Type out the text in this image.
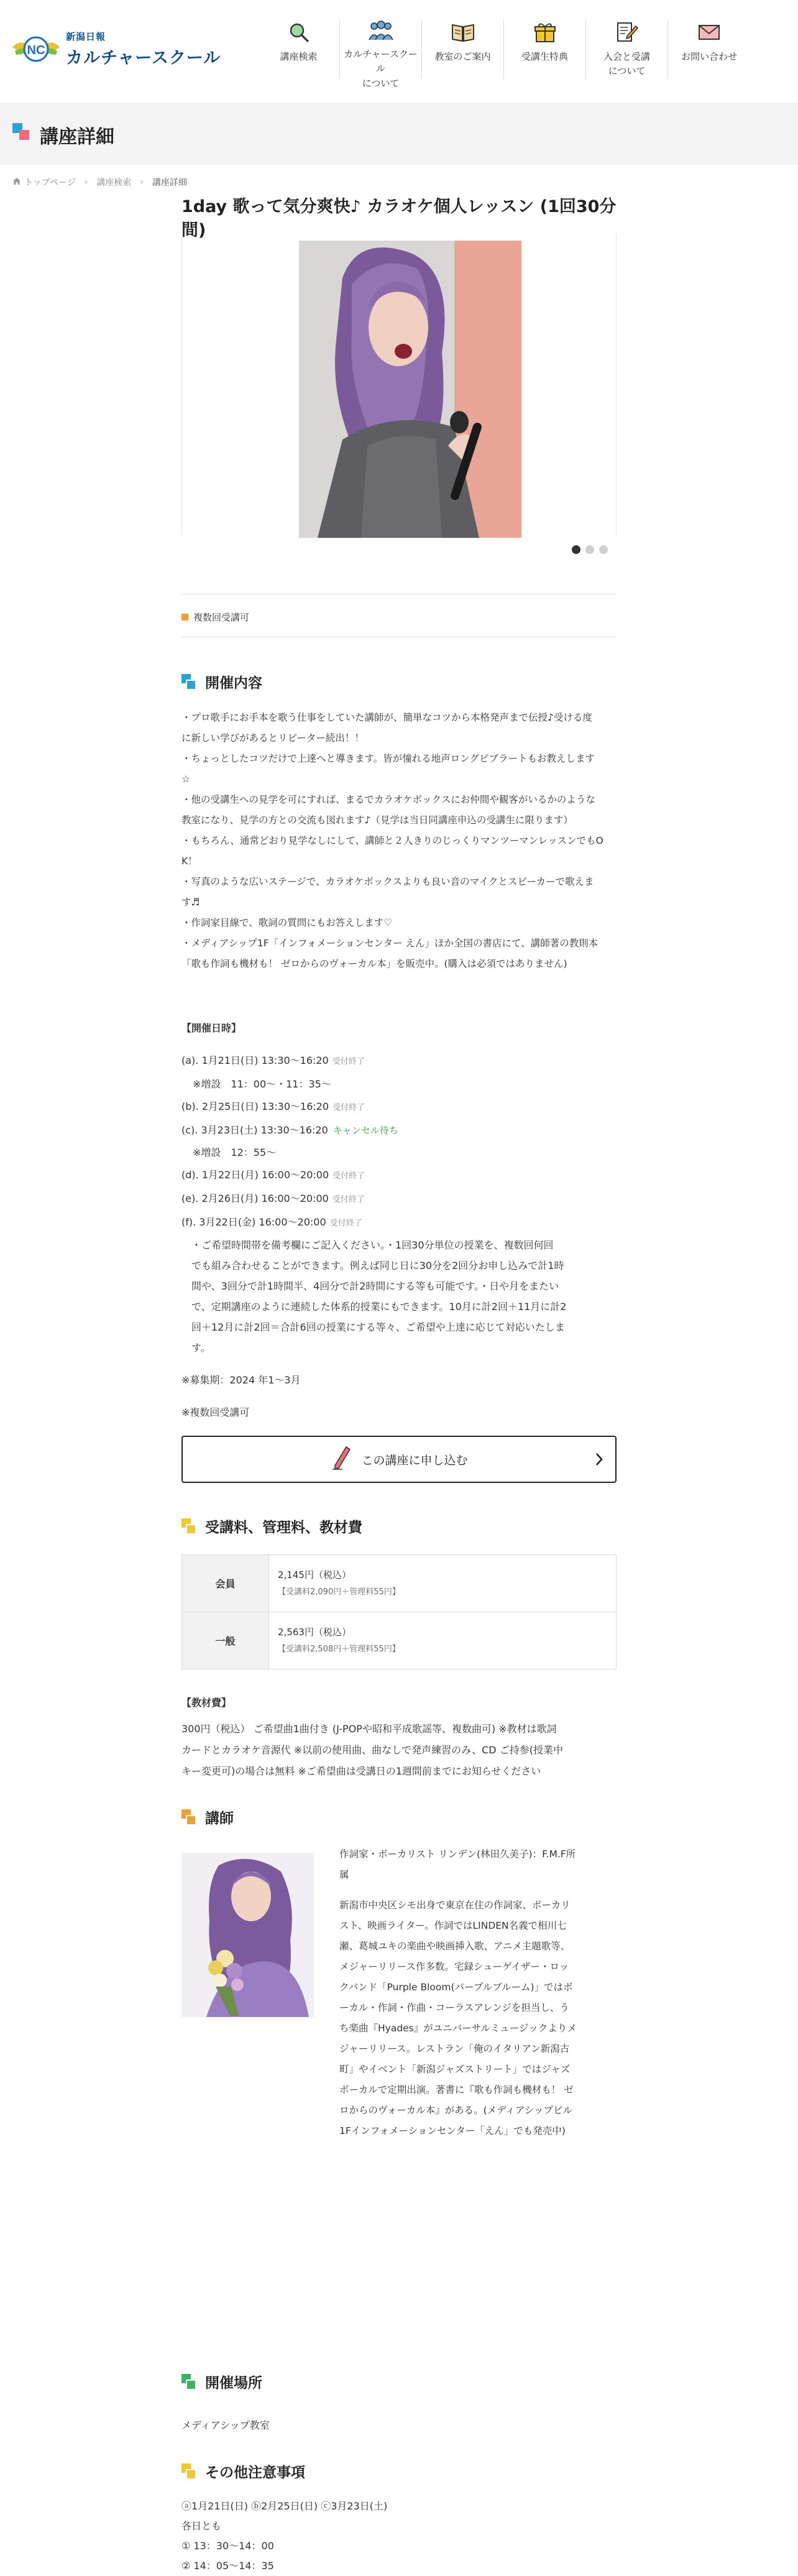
NC
新潟日報
カルチャースクール	講座検索	カルチャースクール
について
教室のご案内	受講生特典	入会と受講
について
お問い合わせ
講座詳細
トップページ › 講座検索 › 講座詳細
1day 歌って気分爽快♪ カラオケ個人レッスン (1回30分間)
複数回受講可
開催内容

・プロ歌手にお手本を歌う仕事をしていた講師が、簡単なコツから本格発声まで伝授♪受ける度

に新しい学びがあるとリピーター続出！！

・ちょっとしたコツだけで上達へと導きます。皆が憧れる地声ロングビブラートもお教えします

☆

・他の受講生への見学を可にすれば、まるでカラオケボックスにお仲間や観客がいるかのような

教室になり、見学の方との交流も図れます♪（見学は当日同講座申込の受講生に限ります）

・もちろん、通常どおり見学なしにして、講師と２人きりのじっくりマンツーマンレッスンでもO

K！

・写真のような広いステージで、カラオケボックスよりも良い音のマイクとスピーカーで歌えま

す♬

・作詞家目線で、歌詞の質問にもお答えします♡

・メディアシップ1F「インフォメーションセンター えん」ほか全国の書店にて、講師著の教則本

「歌も作詞も機材も！ ゼロからのヴォーカル本」を販売中。(購入は必須ではありません)

【開催日時】
(a). 1月21日(日) 13:30〜16:20 受付終了
※増設　11：00〜・11：35〜
(b). 2月25日(日) 13:30〜16:20 受付終了
(c). 3月23日(土) 13:30〜16:20 キャンセル待ち
※増設　12：55〜
(d). 1月22日(月) 16:00〜20:00 受付終了
(e). 2月26日(月) 16:00〜20:00 受付終了
(f). 3月22日(金) 16:00〜20:00 受付終了
・ご希望時間帯を備考欄にご記入ください。・1回30分単位の授業を、複数回何回
でも組み合わせることができます。例えば同じ日に30分を2回分お申し込みで計1時
間や、3回分で計1時間半、4回分で計2時間にする等も可能です。・日や月をまたい
で、定期講座のように連続した体系的授業にもできます。10月に計2回＋11月に計2
回＋12月に計2回＝合計6回の授業にする等々、ご希望や上達に応じて対応いたしま
す。
※募集期：2024 年1〜3月
※複数回受講可
この講座に申し込む
受講料、管理料、教材費
会員	2,145円（税込）
【受講料2,090円＋管理料55円】

一般	2,563円（税込）
【受講料2,508円＋管理料55円】

【教材費】

300円（税込） ご希望曲1曲付き (J-POPや昭和平成歌謡等、複数曲可) ※教材は歌詞

カードとカラオケ音源代 ※以前の使用曲、曲なしで発声練習のみ、CD ご持参(授業中

キー変更可)の場合は無料 ※ご希望曲は受講日の1週間前までにお知らせください

講師

作詞家・ボーカリスト リンデン(林田久美子)：F.M.F所
属

新潟市中央区シモ出身で東京在住の作詞家、ボーカリ
スト、映画ライター。作詞ではLINDEN名義で相川七
瀬、葛城ユキの楽曲や映画挿入歌、アニメ主題歌等、
メジャーリリース作多数。宅録シューゲイザー・ロッ
クバンド「Purple Bloom(パープルブルーム)」ではボ
ーカル・作詞・作曲・コーラスアレンジを担当し、う
ち楽曲『Hyades』がユニバーサルミュージックよりメ
ジャーリリース。レストラン「俺のイタリアン新潟古
町」やイベント「新潟ジャズストリート」ではジャズ
ボーカルで定期出演。著書に『歌も作詞も機材も！ ゼ
ロからのヴォーカル本』がある。(メディアシップビル
1Fインフォメーションセンター「えん」でも発売中)

開催場所
メディアシップ教室
その他注意事項
ⓐ1月21日(日) ⓑ2月25日(日) ⓒ3月23日(土)
各日とも
① 13：30〜14：00
② 14：05〜14：35
